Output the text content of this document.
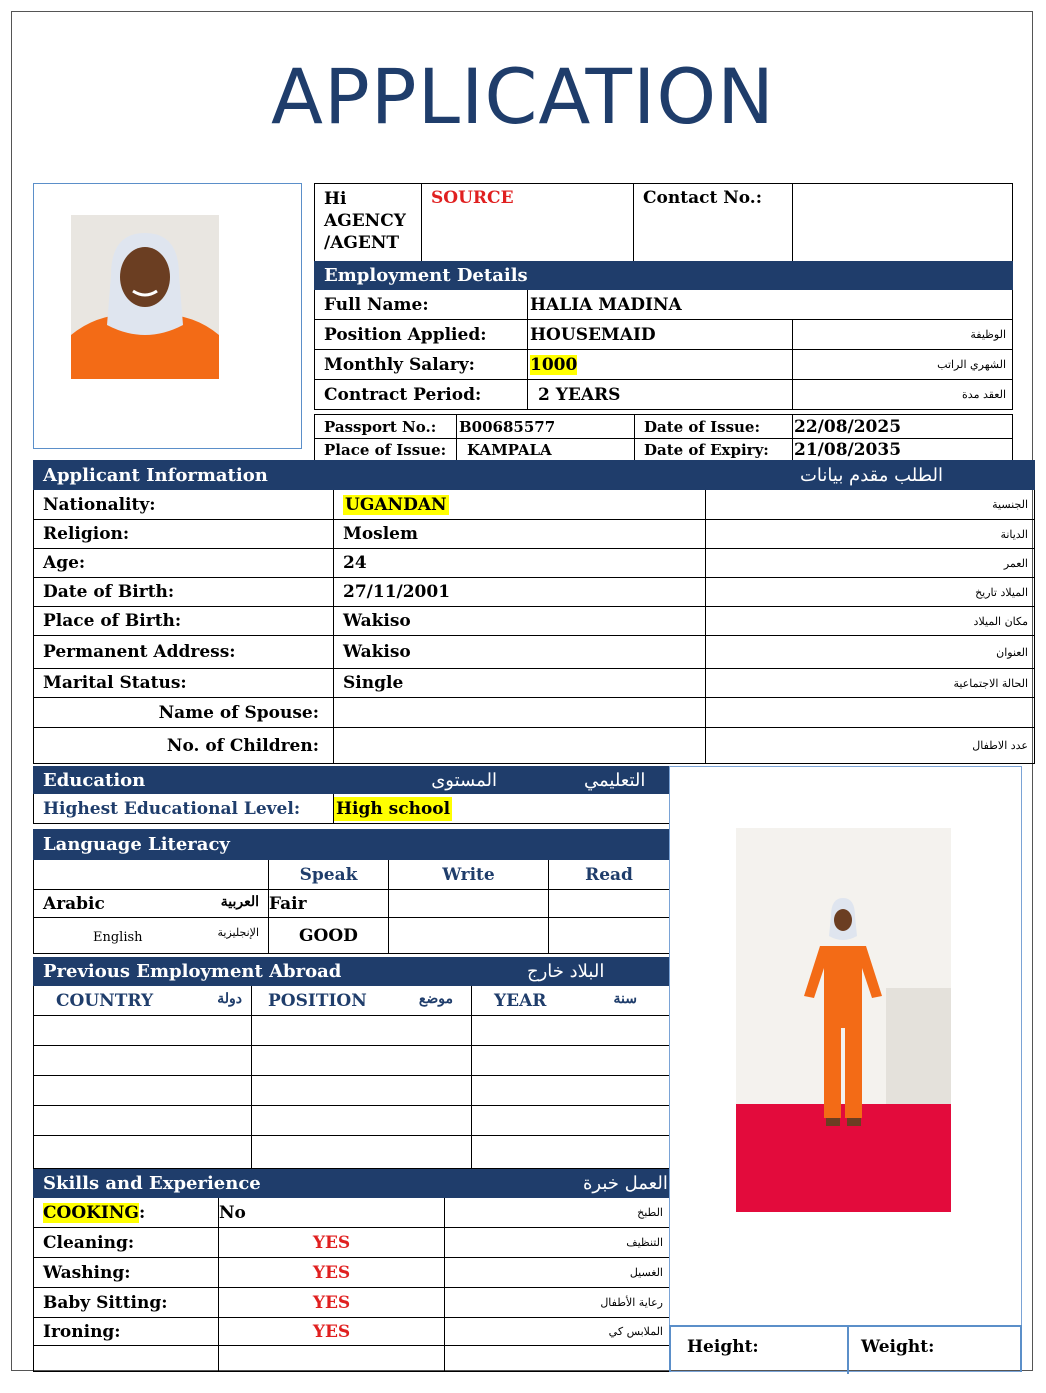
APPLICATION
Hi AGENCY /AGENT	SOURCE	Contact No.:	
Employment Details		
Full Name:	HALIA MADINA	
Position Applied:	HOUSEMAID	الوظيفة
Monthly Salary:	1000	الشهري الراتب
Contract Period:	2 YEARS	العقد مدة
Passport No.:	B00685577	Date of Issue:	22/08/2025
Place of Issue:	KAMPALA	Date of Expiry:	21/08/2035
Applicant Information		الطلب مقدم بيانات
Nationality:	UGANDAN	الجنسية
Religion:	Moslem	الديانة
Age:	24	العمر
Date of Birth:	27/11/2001	الميلاد تاريخ
Place of Birth:	Wakiso	مكان الميلاد
Permanent Address:	Wakiso	العنوان
Marital Status:	Single	الحالة الاجتماعية
Name of Spouse:		
No. of Children:		عدد الاطفال
Education	المستوى	التعليمي
Highest Educational Level:	High school	
Language Literacy			
	Speak	Write	Read
Arabic العربية	Fair		
English الإنجليزية	GOOD		
Previous Employment Abroad		البلاد خارج
COUNTRY دولة	POSITION موضع	YEAR سنة

Skills and Experience		العمل خبرة
COOKING:	No	الطبخ
Cleaning:	YES	التنظيف
Washing:	YES	الغسيل
Baby Sitting:	YES	رعاية الأطفال
Ironing:	YES	الملابس كي

Height:	Weight:
